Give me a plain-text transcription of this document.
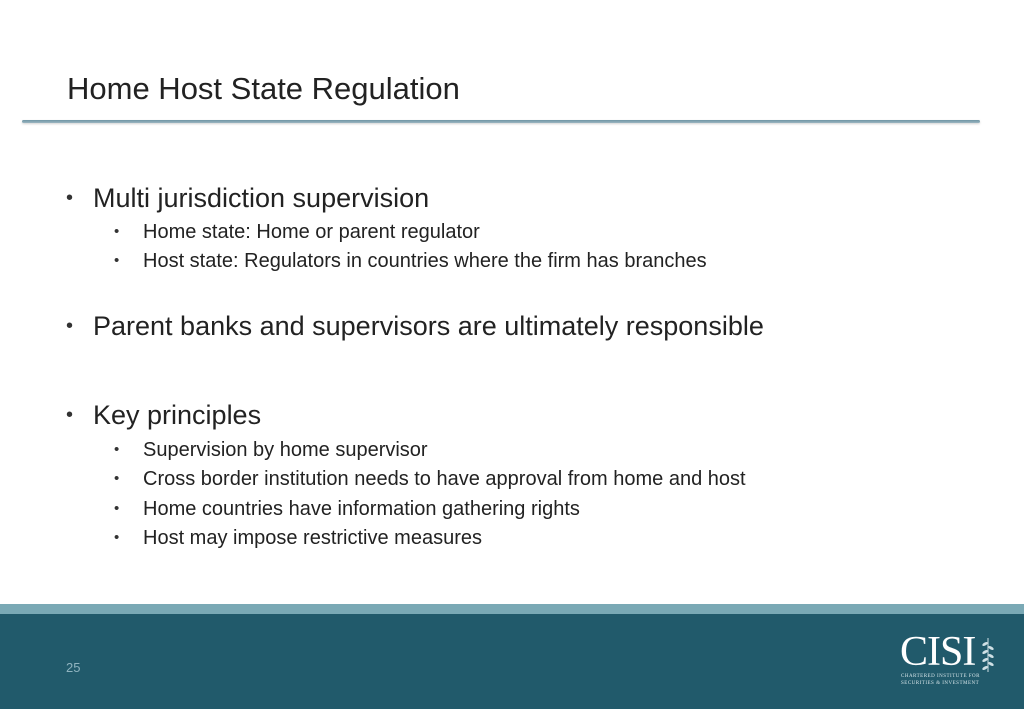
Home Host State Regulation
• Multi jurisdiction supervision
• Home state: Home or parent regulator
• Host state: Regulators in countries where the firm has branches
• Parent banks and supervisors are ultimately responsible
• Key principles
• Supervision by home supervisor
• Cross border institution needs to have approval from home and host
• Home countries have information gathering rights
• Host may impose restrictive measures
25	CISI
CHARTERED INSTITUTE FOR SECURITIES & INVESTMENT
